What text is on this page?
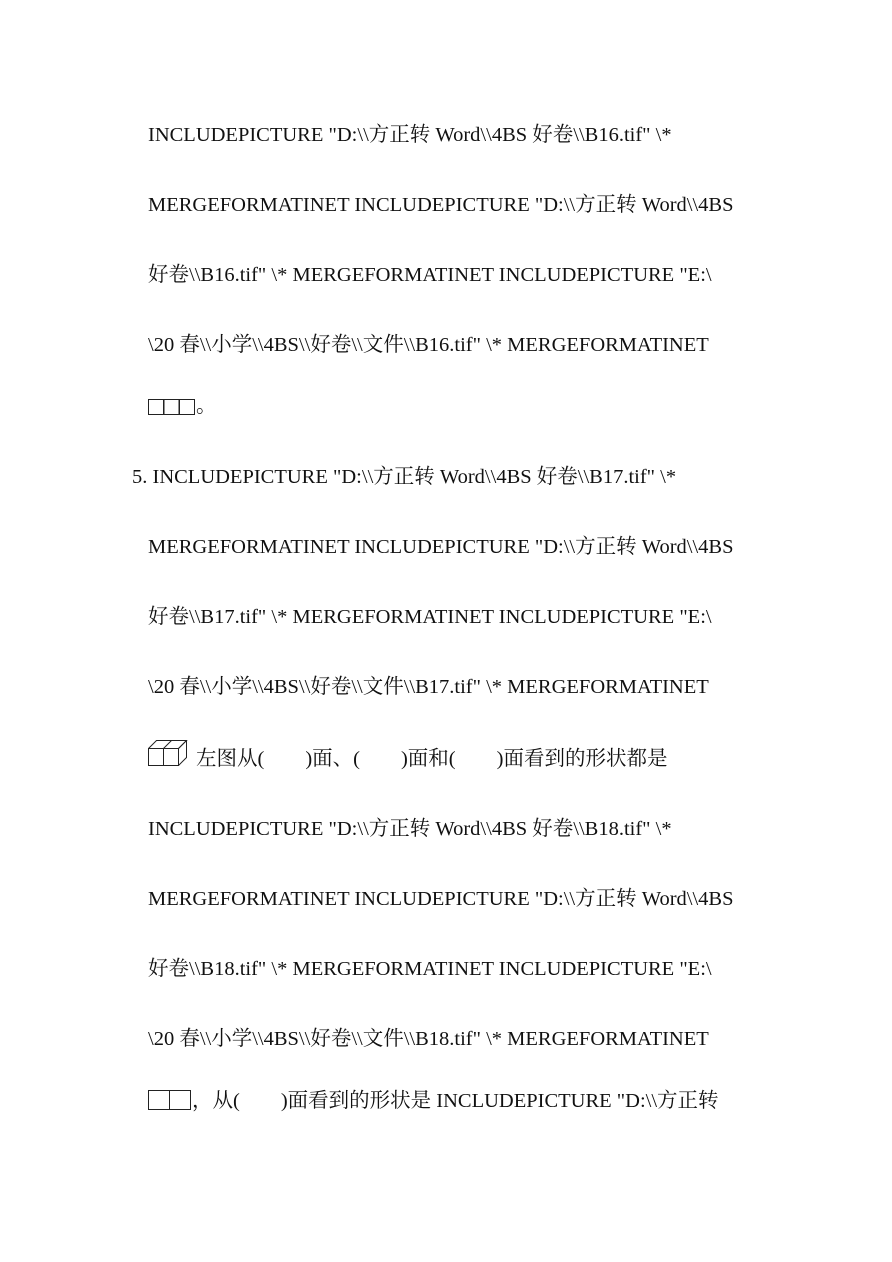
INCLUDEPICTURE "D:\\方正转 Word\\4BS 好卷\\B16.tif" \*
MERGEFORMATINET INCLUDEPICTURE "D:\\方正转 Word\\4BS
好卷\\B16.tif" \* MERGEFORMATINET INCLUDEPICTURE "E:\
\20 春\\小学\\4BS\\好卷\\文件\\B16.tif" \* MERGEFORMATINET
。
5. INCLUDEPICTURE "D:\\方正转 Word\\4BS 好卷\\B17.tif" \*
MERGEFORMATINET INCLUDEPICTURE "D:\\方正转 Word\\4BS
好卷\\B17.tif" \* MERGEFORMATINET INCLUDEPICTURE "E:\
\20 春\\小学\\4BS\\好卷\\文件\\B17.tif" \* MERGEFORMATINET
左图从( )面、( )面和( )面看到的形状都是
INCLUDEPICTURE "D:\\方正转 Word\\4BS 好卷\\B18.tif" \*
MERGEFORMATINET INCLUDEPICTURE "D:\\方正转 Word\\4BS
好卷\\B18.tif" \* MERGEFORMATINET INCLUDEPICTURE "E:\
\20 春\\小学\\4BS\\好卷\\文件\\B18.tif" \* MERGEFORMATINET
，从( )面看到的形状是 INCLUDEPICTURE "D:\\方正转
